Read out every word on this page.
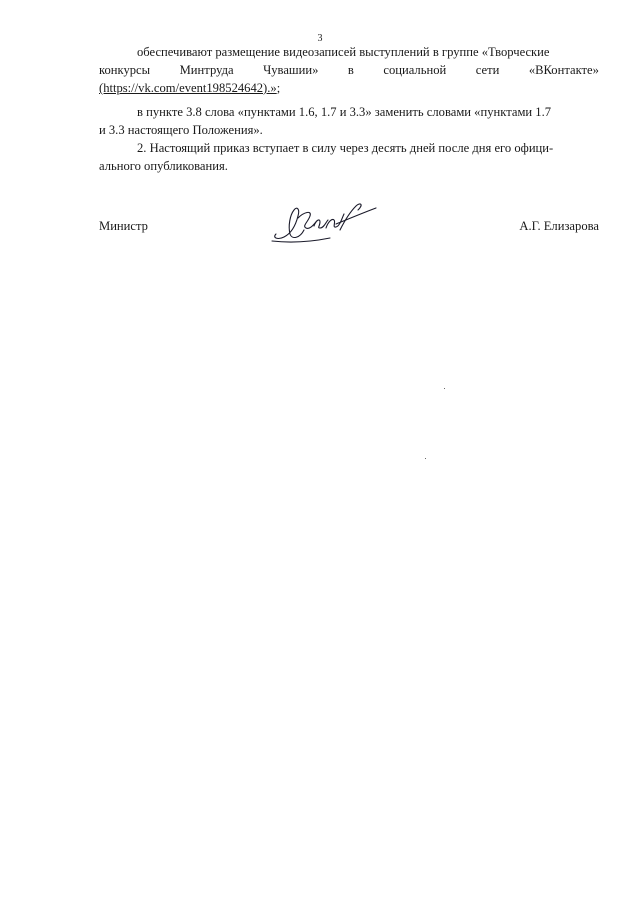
3
обеспечивают размещение видеозаписей выступлений в группе «Творческие
конкурсы Минтруда Чувашии» в социальной сети «ВКонтакте»
(https://vk.com/event198524642).»;
в пункте 3.8 слова «пунктами 1.6, 1.7 и 3.3» заменить словами «пунктами 1.7
и 3.3 настоящего Положения».
2. Настоящий приказ вступает в силу через десять дней после дня его офици-
ального опубликования.
Министр	А.Г. Елизарова
